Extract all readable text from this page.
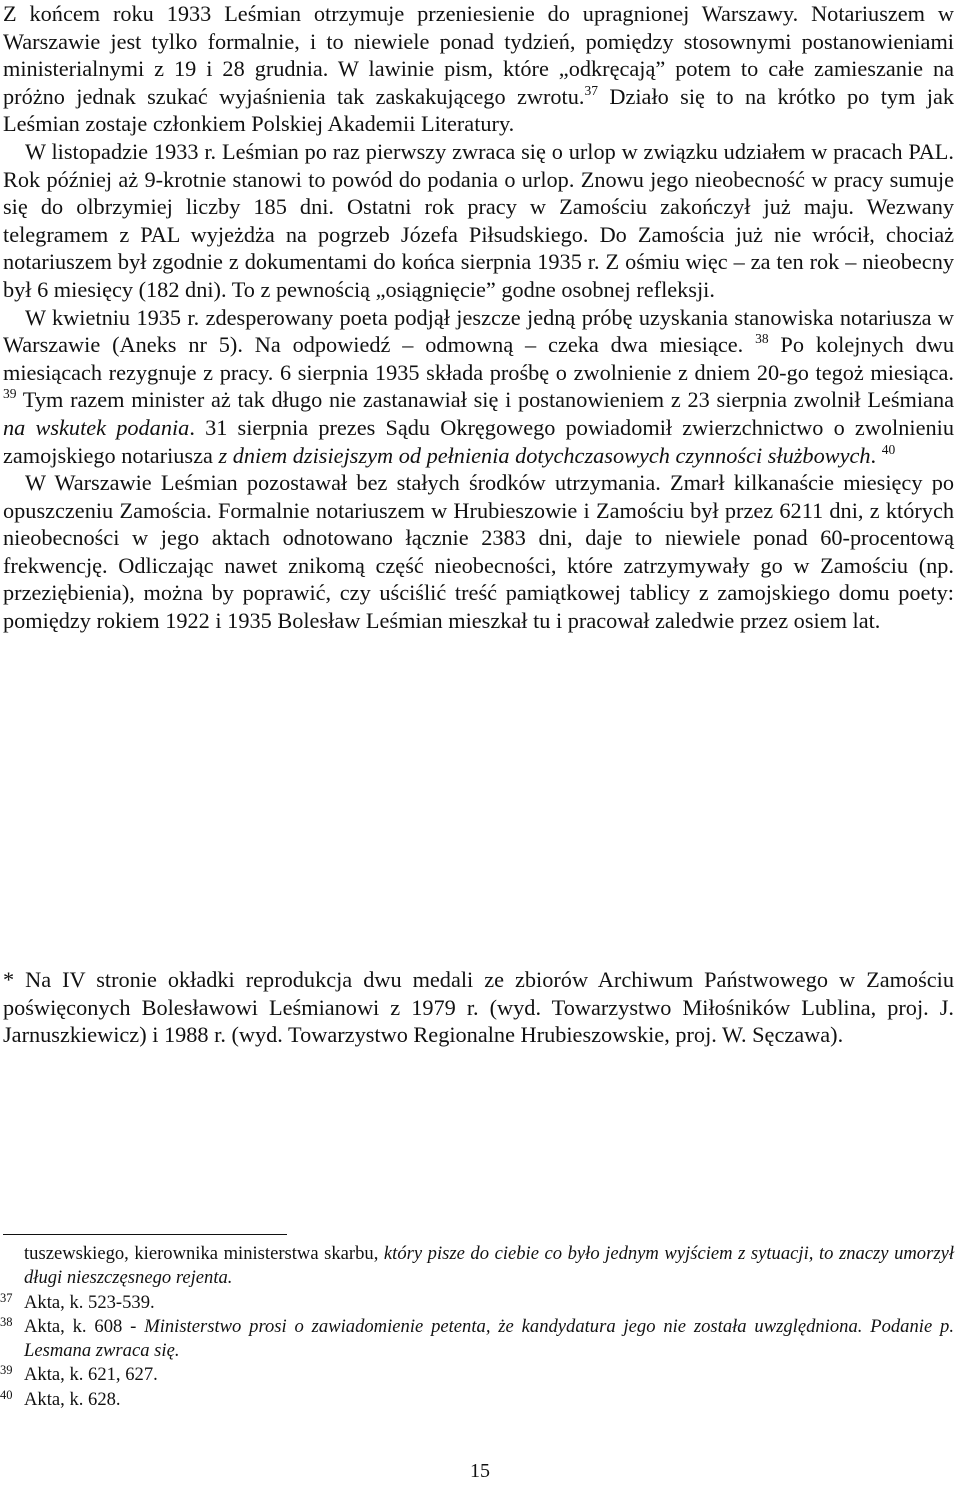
Z końcem roku 1933 Leśmian otrzymuje przeniesienie do upragnionej Warszawy. Notariuszem w Warszawie jest tylko formalnie, i to niewiele ponad tydzień, pomiędzy stosownymi postanowieniami ministerialnymi z 19 i 28 grudnia. W lawinie pism, które „odkręcają” potem to całe zamieszanie na próżno jednak szukać wyjaśnienia tak zaskakującego zwrotu.$^{37}$ Działo się to na krótko po tym jak Leśmian zostaje członkiem Polskiej Akademii Literatury.

W listopadzie 1933 r. Leśmian po raz pierwszy zwraca się o urlop w związku udziałem w pracach PAL. Rok później aż 9-krotnie stanowi to powód do podania o urlop. Znowu jego nieobecność w pracy sumuje się do olbrzymiej liczby 185 dni. Ostatni rok pracy w Zamościu zakończył już maju. Wezwany telegramem z PAL wyjeżdża na pogrzeb Józefa Piłsudskiego. Do Zamościa już nie wrócił, chociaż notariuszem był zgodnie z dokumentami do końca sierpnia 1935 r. Z ośmiu więc – za ten rok – nieobecny był 6 miesięcy (182 dni). To z pewnością „osiągnięcie” godne osobnej refleksji.

W kwietniu 1935 r. zdesperowany poeta podjął jeszcze jedną próbę uzyskania stanowiska notariusza w Warszawie (Aneks nr 5). Na odpowiedź – odmowną – czeka dwa miesiące. $^{38}$ Po kolejnych dwu miesiącach rezygnuje z pracy. 6 sierpnia 1935 składa prośbę o zwolnienie z dniem 20-go tegoż miesiąca. $^{39}$ Tym razem minister aż tak długo nie zastanawiał się i postanowieniem z 23 sierpnia zwolnił Leśmiana na wskutek podania. 31 sierpnia prezes Sądu Okręgowego powiadomił zwierzchnictwo o zwolnieniu zamojskiego notariusza z dniem dzisiejszym od pełnienia dotychczasowych czynności służbowych. $^{40}$

W Warszawie Leśmian pozostawał bez stałych środków utrzymania. Zmarł kilkanaście miesięcy po opuszczeniu Zamościa. Formalnie notariuszem w Hrubieszowie i Zamościu był przez 6211 dni, z których nieobecności w jego aktach odnotowano łącznie 2383 dni, daje to niewiele ponad 60-procentową frekwencję. Odliczając nawet znikomą część nieobecności, które zatrzymywały go w Zamościu (np. przeziębienia), można by poprawić, czy uściślić treść pamiątkowej tablicy z zamojskiego domu poety: pomiędzy rokiem 1922 i 1935 Bolesław Leśmian mieszkał tu i pracował zaledwie przez osiem lat.

* Na IV stronie okładki reprodukcja dwu medali ze zbiorów Archiwum Państwowego w Zamościu poświęconych Bolesławowi Leśmianowi z 1979 r. (wyd. Towarzystwo Miłośników Lublina, proj. J. Jarnuszkiewicz) i 1988 r. (wyd. Towarzystwo Regionalne Hrubieszowskie, proj. W. Sęczawa).
tuszewskiego, kierownika ministerstwa skarbu, który pisze do ciebie co było jednym wyjściem z sytuacji, to znaczy umorzył długi nieszczęsnego rejenta.
37 Akta, k. 523-539.
38 Akta, k. 608 - Ministerstwo prosi o zawiadomienie petenta, że kandydatura jego nie została uwzględniona. Podanie p. Lesmana zwraca się.
39 Akta, k. 621, 627.
40 Akta, k. 628.
15
